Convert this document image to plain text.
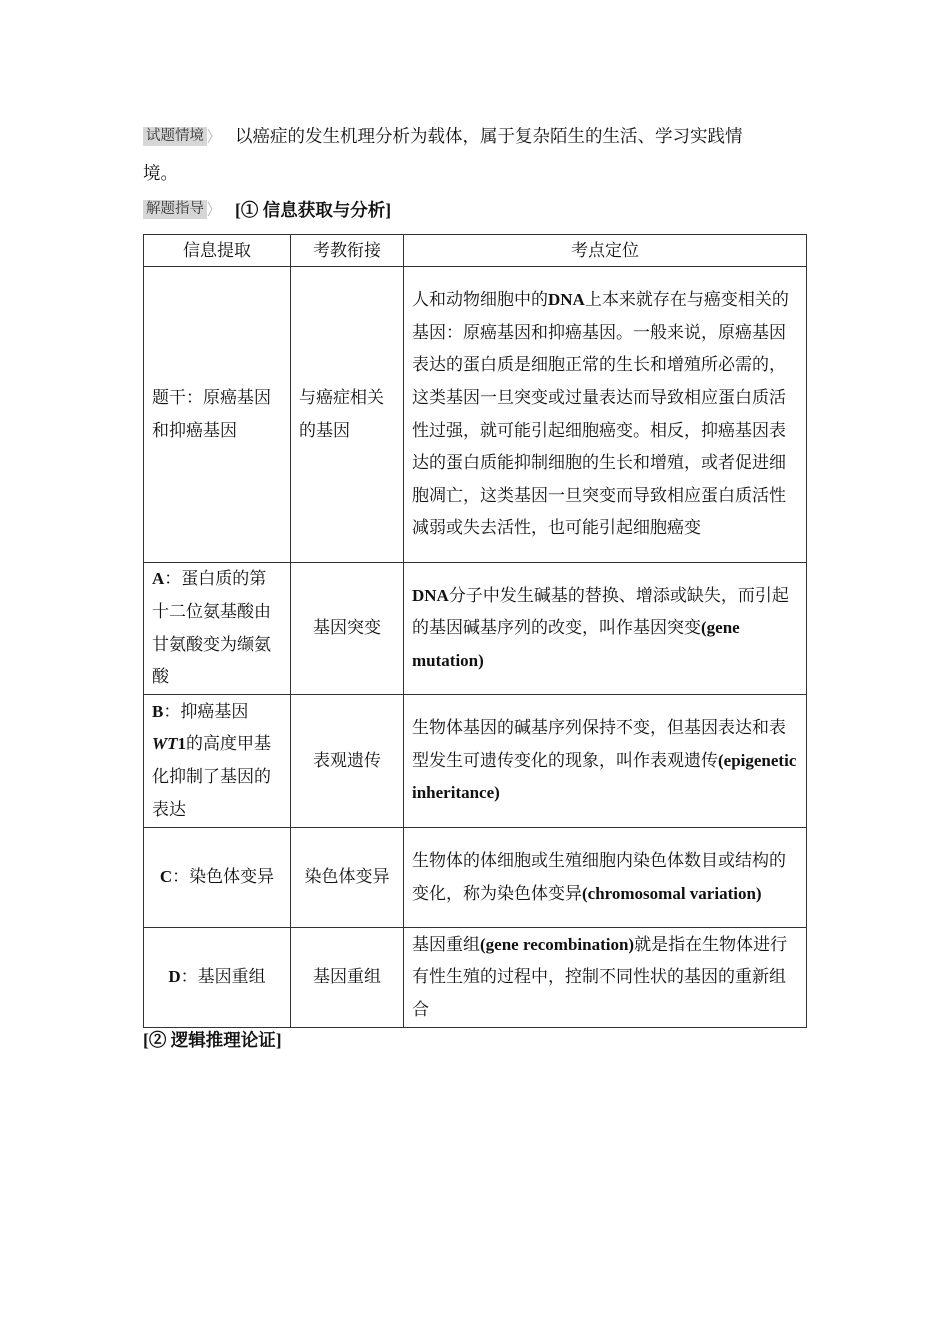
试题情境 以癌症的发生机理分析为载体，属于复杂陌生的生活、学习实践情
境。
解题指导 [① 信息获取与分析]
信息提取	考教衔接	考点定位
题干：原癌基因和抑癌基因	与癌症相关的基因	人和动物细胞中的DNA上本来就存在与癌变相关的基因：原癌基因和抑癌基因。一般来说，原癌基因表达的蛋白质是细胞正常的生长和增殖所必需的，这类基因一旦突变或过量表达而导致相应蛋白质活性过强，就可能引起细胞癌变。相反，抑癌基因表达的蛋白质能抑制细胞的生长和增殖，或者促进细胞凋亡，这类基因一旦突变而导致相应蛋白质活性减弱或失去活性，也可能引起细胞癌变
A：蛋白质的第十二位氨基酸由甘氨酸变为缬氨酸	基因突变	DNA分子中发生碱基的替换、增添或缺失，而引起的基因碱基序列的改变，叫作基因突变(gene mutation)
B：抑癌基因WT1的高度甲基化抑制了基因的表达	表观遗传	生物体基因的碱基序列保持不变，但基因表达和表型发生可遗传变化的现象，叫作表观遗传(epigenetic inheritance)
C：染色体变异	染色体变异	生物体的体细胞或生殖细胞内染色体数目或结构的变化，称为染色体变异(chromosomal variation)
D：基因重组	基因重组	基因重组(gene recombination)就是指在生物体进行有性生殖的过程中，控制不同性状的基因的重新组合
[② 逻辑推理论证]
